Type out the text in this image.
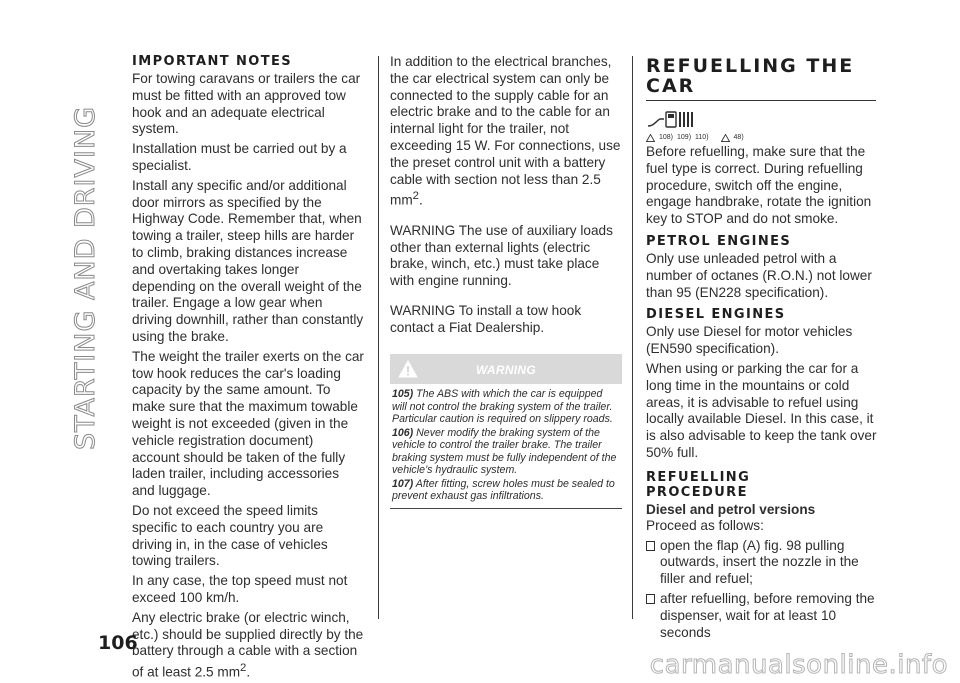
STARTING AND DRIVING
IMPORTANT NOTES
For towing caravans or trailers the car must be fitted with an approved tow hook and an adequate electrical system.
Installation must be carried out by a specialist.
Install any specific and/or additional door mirrors as specified by the Highway Code. Remember that, when towing a trailer, steep hills are harder to climb, braking distances increase and overtaking takes longer depending on the overall weight of the trailer. Engage a low gear when driving downhill, rather than constantly using the brake.
The weight the trailer exerts on the car tow hook reduces the car's loading capacity by the same amount. To make sure that the maximum towable weight is not exceeded (given in the vehicle registration document) account should be taken of the fully laden trailer, including accessories and luggage.
Do not exceed the speed limits specific to each country you are driving in, in the case of vehicles towing trailers.
In any case, the top speed must not exceed 100 km/h.
Any electric brake (or electric winch, etc.) should be supplied directly by the battery through a cable with a section of at least 2.5 $mm^2$.
In addition to the electrical branches, the car electrical system can only be connected to the supply cable for an electric brake and to the cable for an internal light for the trailer, not exceeding 15 W. For connections, use the preset control unit with a battery cable with section not less than 2.5 $mm^2$.
WARNING The use of auxiliary loads other than external lights (electric brake, winch, etc.) must take place with engine running.
WARNING To install a tow hook contact a Fiat Dealership.
WARNING
105) The ABS with which the car is equipped will not control the braking system of the trailer. Particular caution is required on slippery roads.
106) Never modify the braking system of the vehicle to control the trailer brake. The trailer braking system must be fully independent of the vehicle’s hydraulic system.
107) After fitting, screw holes must be sealed to prevent exhaust gas infiltrations.
REFUELLING THE CAR
108) 109) 110)	48)
Before refuelling, make sure that the fuel type is correct. During refuelling procedure, switch off the engine, engage handbrake, rotate the ignition key to STOP and do not smoke.
PETROL ENGINES
Only use unleaded petrol with a number of octanes (R.O.N.) not lower than 95 (EN228 specification).
DIESEL ENGINES
Only use Diesel for motor vehicles (EN590 specification).
When using or parking the car for a long time in the mountains or cold areas, it is advisable to refuel using locally available Diesel. In this case, it is also advisable to keep the tank over 50% full.
REFUELLING PROCEDURE
Diesel and petrol versions
Proceed as follows:
open the flap (A) fig. 98 pulling outwards, insert the nozzle in the filler and refuel;
after refuelling, before removing the dispenser, wait for at least 10 seconds
106
carmanualsonline.info
